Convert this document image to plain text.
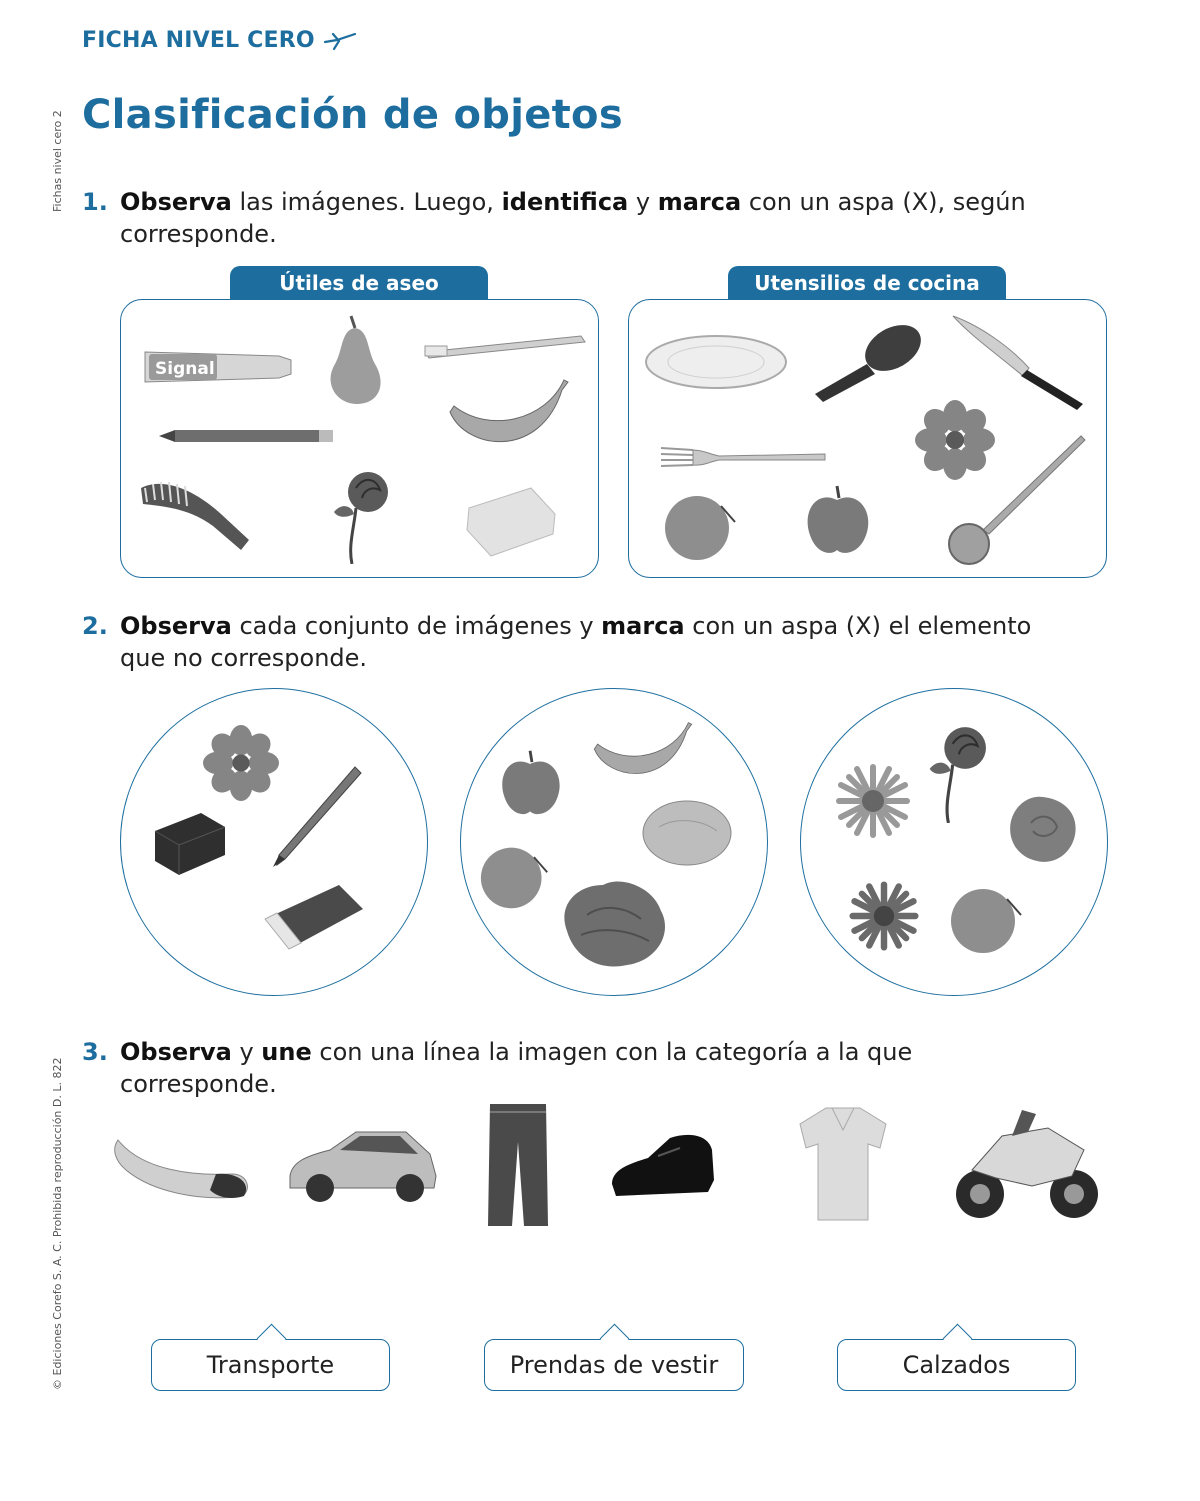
FICHA NIVEL CERO
Clasificación de objetos
Fichas nivel cero 2
© Ediciones Corefo S. A. C. Prohibida reproducción D. L. 822
1. Observa las imágenes. Luego, identifica y marca con un aspa (X), según corresponde.
Útiles de aseo
Signal
Utensilios de cocina
2. Observa cada conjunto de imágenes y marca con un aspa (X) el elemento que no corresponde.
3. Observa y une con una línea la imagen con la categoría a la que corresponde.
Transporte	Prendas de vestir	Calzados
